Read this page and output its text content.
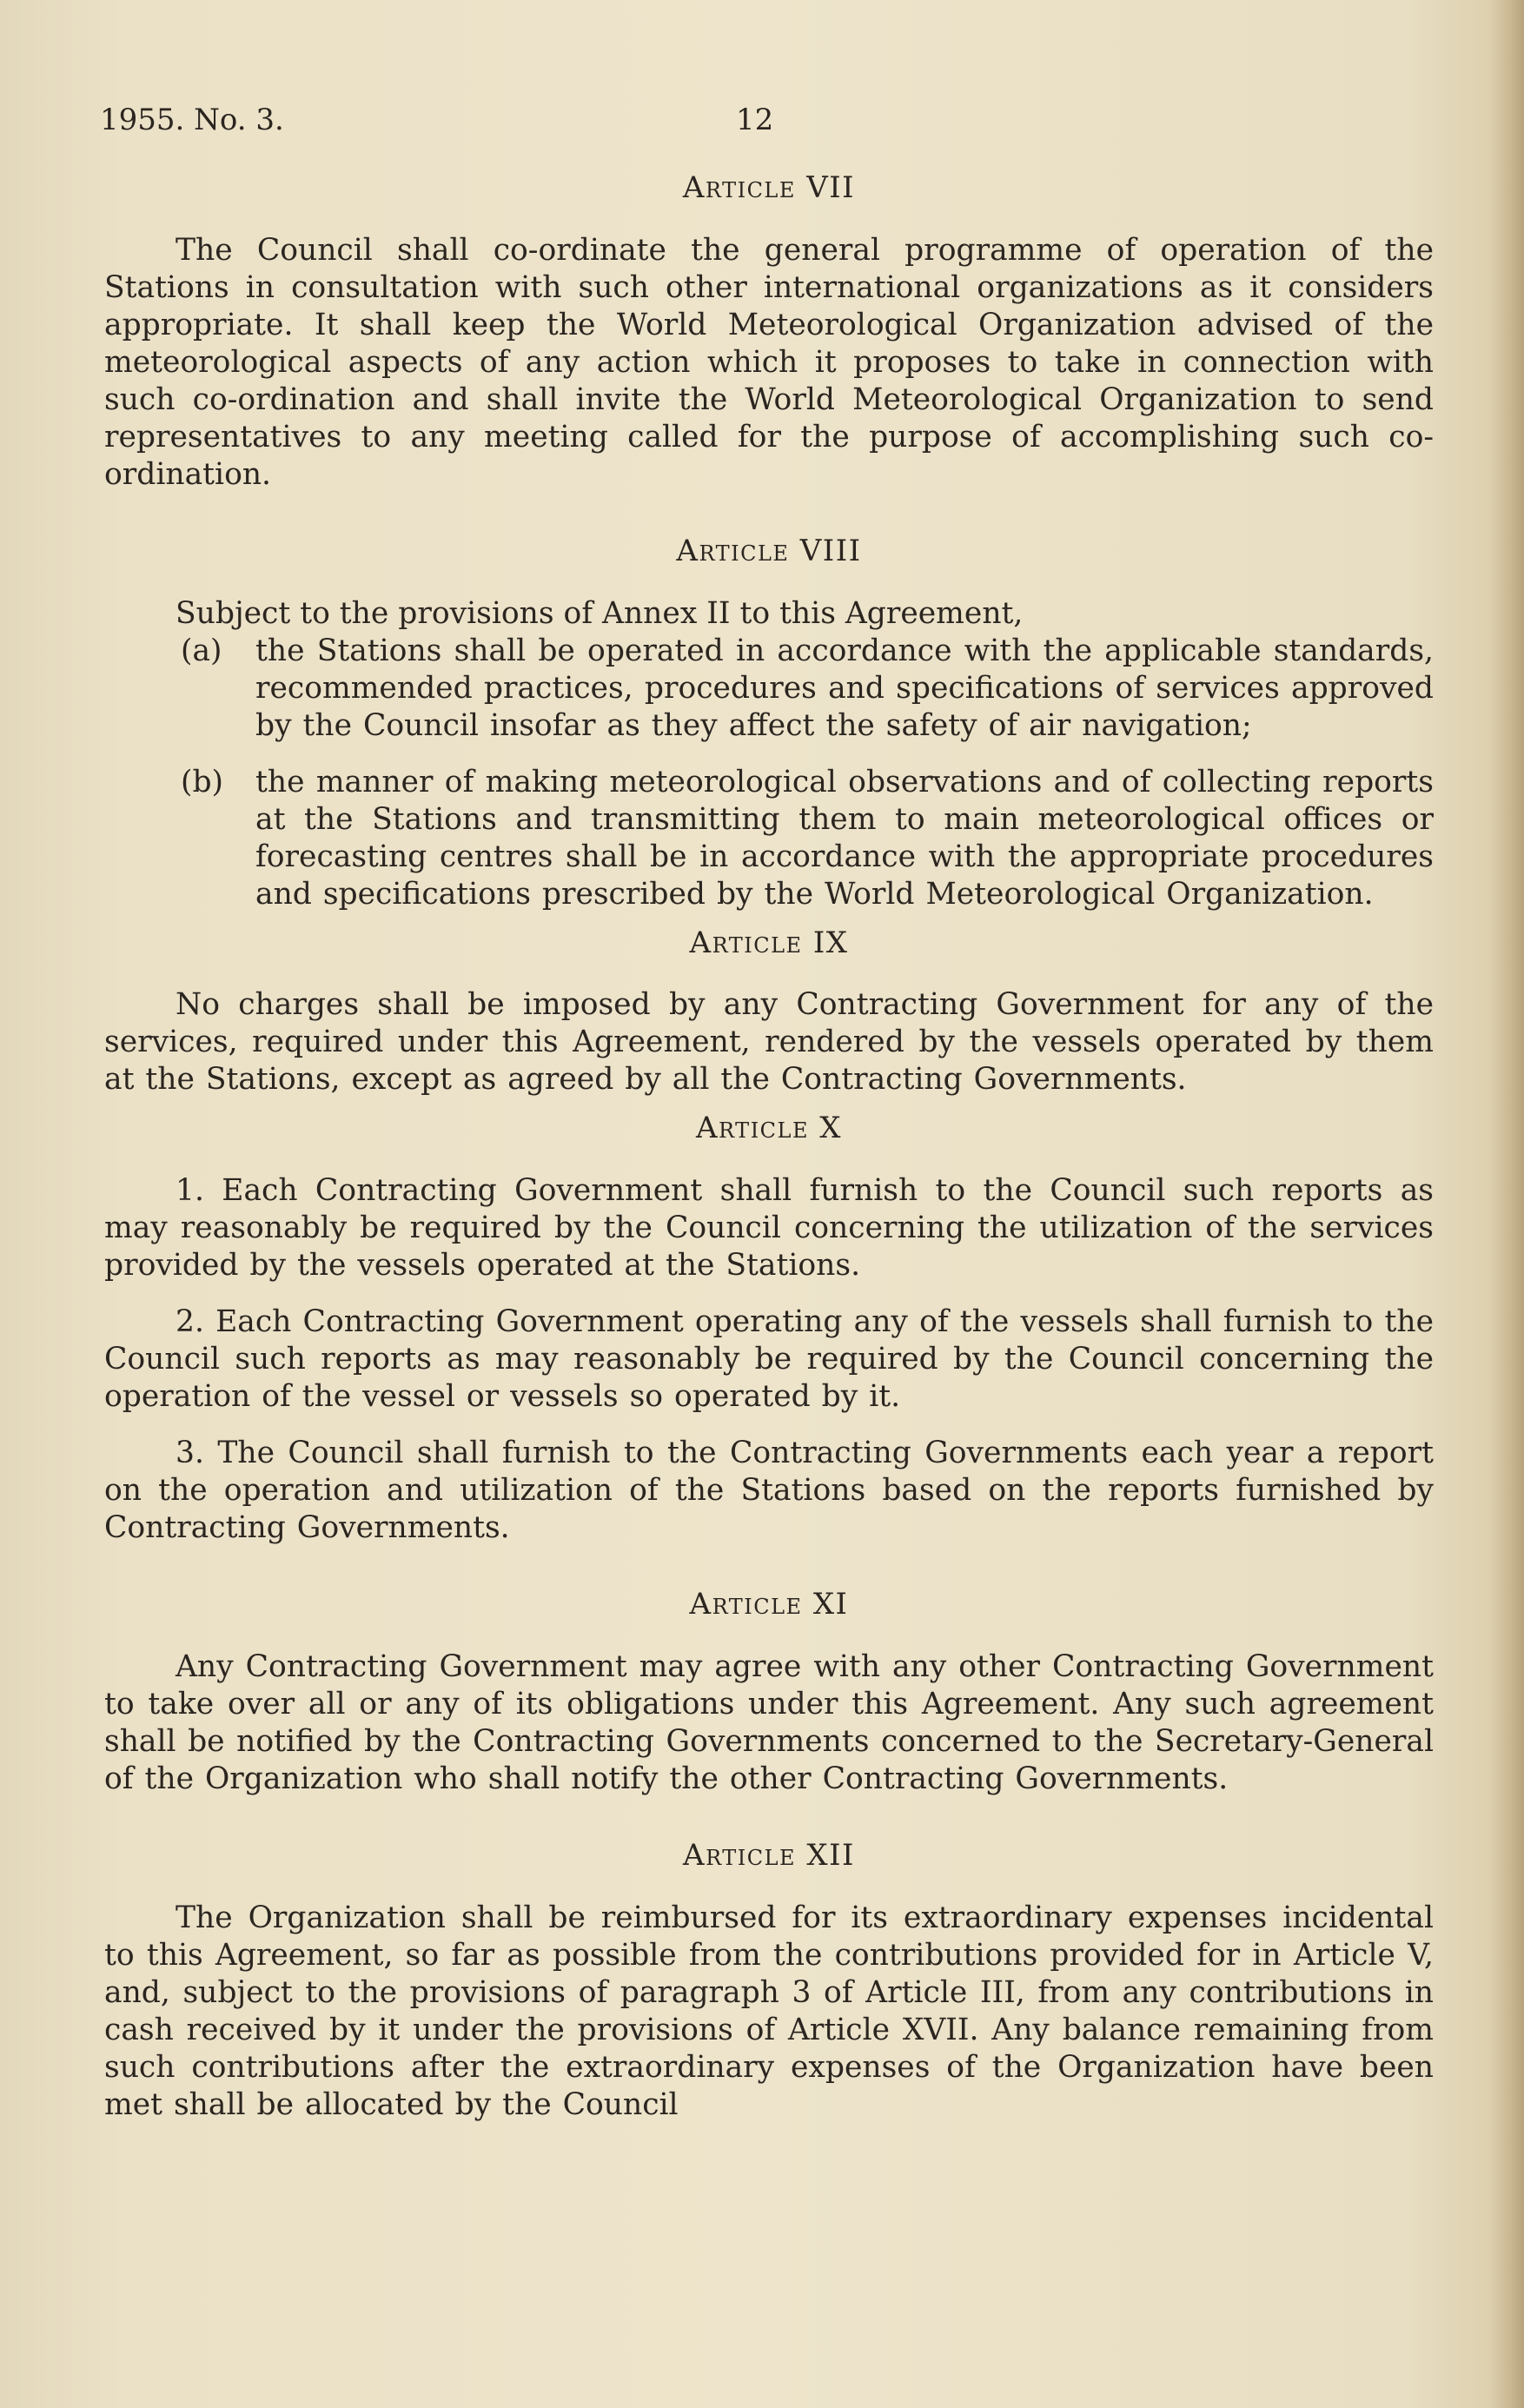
1955. No. 3.	12
Article VII

The Council shall co-ordinate the general programme of operation of the Stations in consultation with such other international organizations as it considers appropriate. It shall keep the World Meteorological Organization advised of the meteorological aspects of any action which it proposes to take in connection with such co-ordination and shall invite the World Meteorological Organization to send representatives to any meeting called for the purpose of accomplishing such co-ordination.

Article VIII

Subject to the provisions of Annex II to this Agreement,

(a) the Stations shall be operated in accordance with the applicable standards, recommended practices, procedures and specifications of services approved by the Council insofar as they affect the safety of air navigation;

(b) the manner of making meteorological observations and of collecting reports at the Stations and transmitting them to main meteorological offices or forecasting centres shall be in accordance with the appropriate procedures and specifications prescribed by the World Meteorological Organization.

Article IX

No charges shall be imposed by any Contracting Government for any of the services, required under this Agreement, rendered by the vessels operated by them at the Stations, except as agreed by all the Contracting Governments.

Article X

1. Each Contracting Government shall furnish to the Council such reports as may reasonably be required by the Council concerning the utilization of the services provided by the vessels operated at the Stations.

2. Each Contracting Government operating any of the vessels shall furnish to the Council such reports as may reasonably be required by the Council concerning the operation of the vessel or vessels so operated by it.

3. The Council shall furnish to the Contracting Governments each year a report on the operation and utilization of the Stations based on the reports furnished by Contracting Governments.

Article XI

Any Contracting Government may agree with any other Contracting Government to take over all or any of its obligations under this Agreement. Any such agreement shall be notified by the Contracting Governments concerned to the Secretary-General of the Organization who shall notify the other Contracting Governments.

Article XII

The Organization shall be reimbursed for its extraordinary expenses incidental to this Agreement, so far as possible from the contributions provided for in Article V, and, subject to the provisions of paragraph 3 of Article III, from any contributions in cash received by it under the provisions of Article XVII. Any balance remaining from such contributions after the extraordinary expenses of the Organization have been met shall be allocated by the Council
